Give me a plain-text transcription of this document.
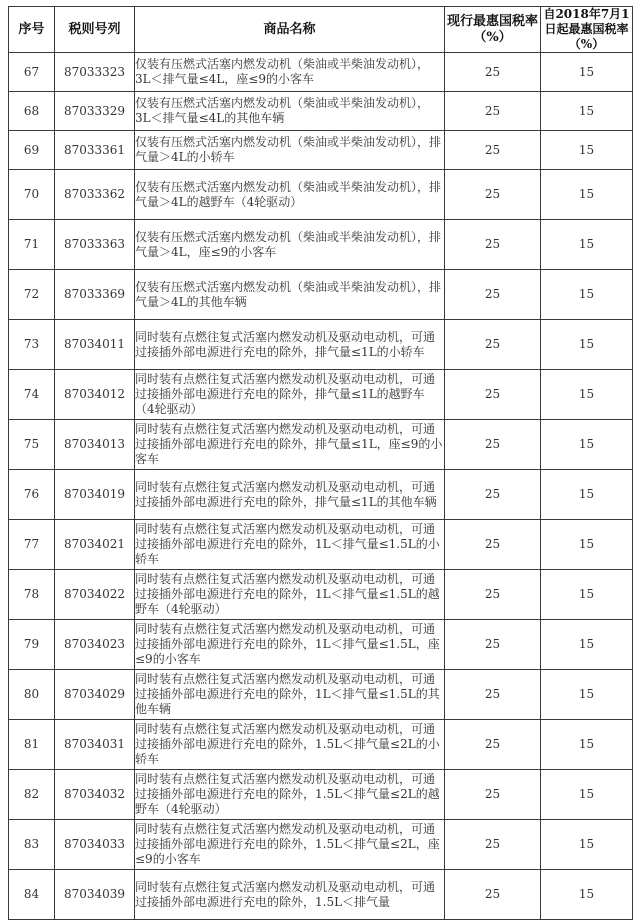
序号	税则号列	商品名称	现行最惠国税率（%）	自2018年7月1日起最惠国税率（%）
67	87033323	仅装有压燃式活塞内燃发动机（柴油或半柴油发动机），3L＜排气量≤4L，座≤9的小客车	25	15
68	87033329	仅装有压燃式活塞内燃发动机（柴油或半柴油发动机），3L＜排气量≤4L的其他车辆	25	15
69	87033361	仅装有压燃式活塞内燃发动机（柴油或半柴油发动机），排气量＞4L的小轿车	25	15
70	87033362	仅装有压燃式活塞内燃发动机（柴油或半柴油发动机），排气量＞4L的越野车（4轮驱动）	25	15
71	87033363	仅装有压燃式活塞内燃发动机（柴油或半柴油发动机），排气量＞4L，座≤9的小客车	25	15
72	87033369	仅装有压燃式活塞内燃发动机（柴油或半柴油发动机），排气量＞4L的其他车辆	25	15
73	87034011	同时装有点燃往复式活塞内燃发动机及驱动电动机，可通过接插外部电源进行充电的除外，排气量≤1L的小轿车	25	15
74	87034012	同时装有点燃往复式活塞内燃发动机及驱动电动机，可通过接插外部电源进行充电的除外，排气量≤1L的越野车（4轮驱动）	25	15
75	87034013	同时装有点燃往复式活塞内燃发动机及驱动电动机，可通过接插外部电源进行充电的除外，排气量≤1L，座≤9的小客车	25	15
76	87034019	同时装有点燃往复式活塞内燃发动机及驱动电动机，可通过接插外部电源进行充电的除外，排气量≤1L的其他车辆	25	15
77	87034021	同时装有点燃往复式活塞内燃发动机及驱动电动机，可通过接插外部电源进行充电的除外，1L＜排气量≤1.5L的小轿车	25	15
78	87034022	同时装有点燃往复式活塞内燃发动机及驱动电动机，可通过接插外部电源进行充电的除外，1L＜排气量≤1.5L的越野车（4轮驱动）	25	15
79	87034023	同时装有点燃往复式活塞内燃发动机及驱动电动机，可通过接插外部电源进行充电的除外，1L＜排气量≤1.5L，座≤9的小客车	25	15
80	87034029	同时装有点燃往复式活塞内燃发动机及驱动电动机，可通过接插外部电源进行充电的除外，1L＜排气量≤1.5L的其他车辆	25	15
81	87034031	同时装有点燃往复式活塞内燃发动机及驱动电动机，可通过接插外部电源进行充电的除外，1.5L＜排气量≤2L的小轿车	25	15
82	87034032	同时装有点燃往复式活塞内燃发动机及驱动电动机，可通过接插外部电源进行充电的除外，1.5L＜排气量≤2L的越野车（4轮驱动）	25	15
83	87034033	同时装有点燃往复式活塞内燃发动机及驱动电动机，可通过接插外部电源进行充电的除外，1.5L＜排气量≤2L，座≤9的小客车	25	15
84	87034039	同时装有点燃往复式活塞内燃发动机及驱动电动机，可通过接插外部电源进行充电的除外，1.5L＜排气量	25	15
